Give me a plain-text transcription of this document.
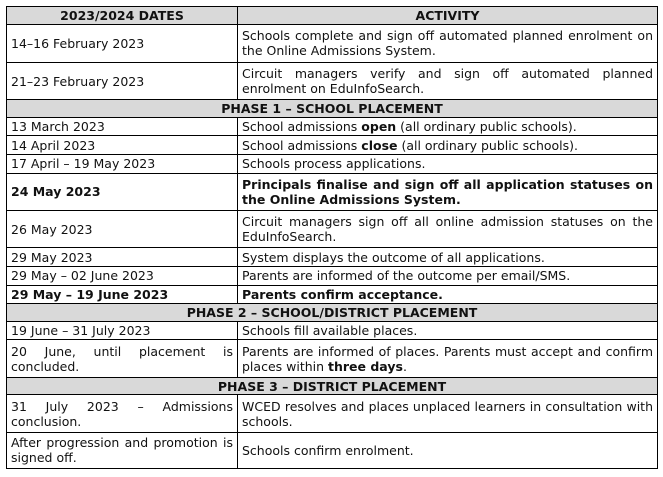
2023/2024 DATES	ACTIVITY
14–16 February 2023	Schools complete and sign off automated planned enrolment on the Online Admissions System.
21–23 February 2023	Circuit managers verify and sign off automated planned enrolment on EduInfoSearch.
PHASE 1 – SCHOOL PLACEMENT	
13 March 2023	School admissions open (all ordinary public schools).
14 April 2023	School admissions close (all ordinary public schools).
17 April – 19 May 2023	Schools process applications.
24 May 2023	Principals finalise and sign off all application statuses on the Online Admissions System.
26 May 2023	Circuit managers sign off all online admission statuses on the EduInfoSearch.
29 May 2023	System displays the outcome of all applications.
29 May – 02 June 2023	Parents are informed of the outcome per email/SMS.
29 May – 19 June 2023	Parents confirm acceptance.
PHASE 2 – SCHOOL/DISTRICT PLACEMENT	
19 June – 31 July 2023	Schools fill available places.
20 June, until placement is concluded.	Parents are informed of places. Parents must accept and confirm places within three days.
PHASE 3 – DISTRICT PLACEMENT	
31 July 2023 – Admissions conclusion.	WCED resolves and places unplaced learners in consultation with schools.
After progression and promotion is signed off.	Schools confirm enrolment.
